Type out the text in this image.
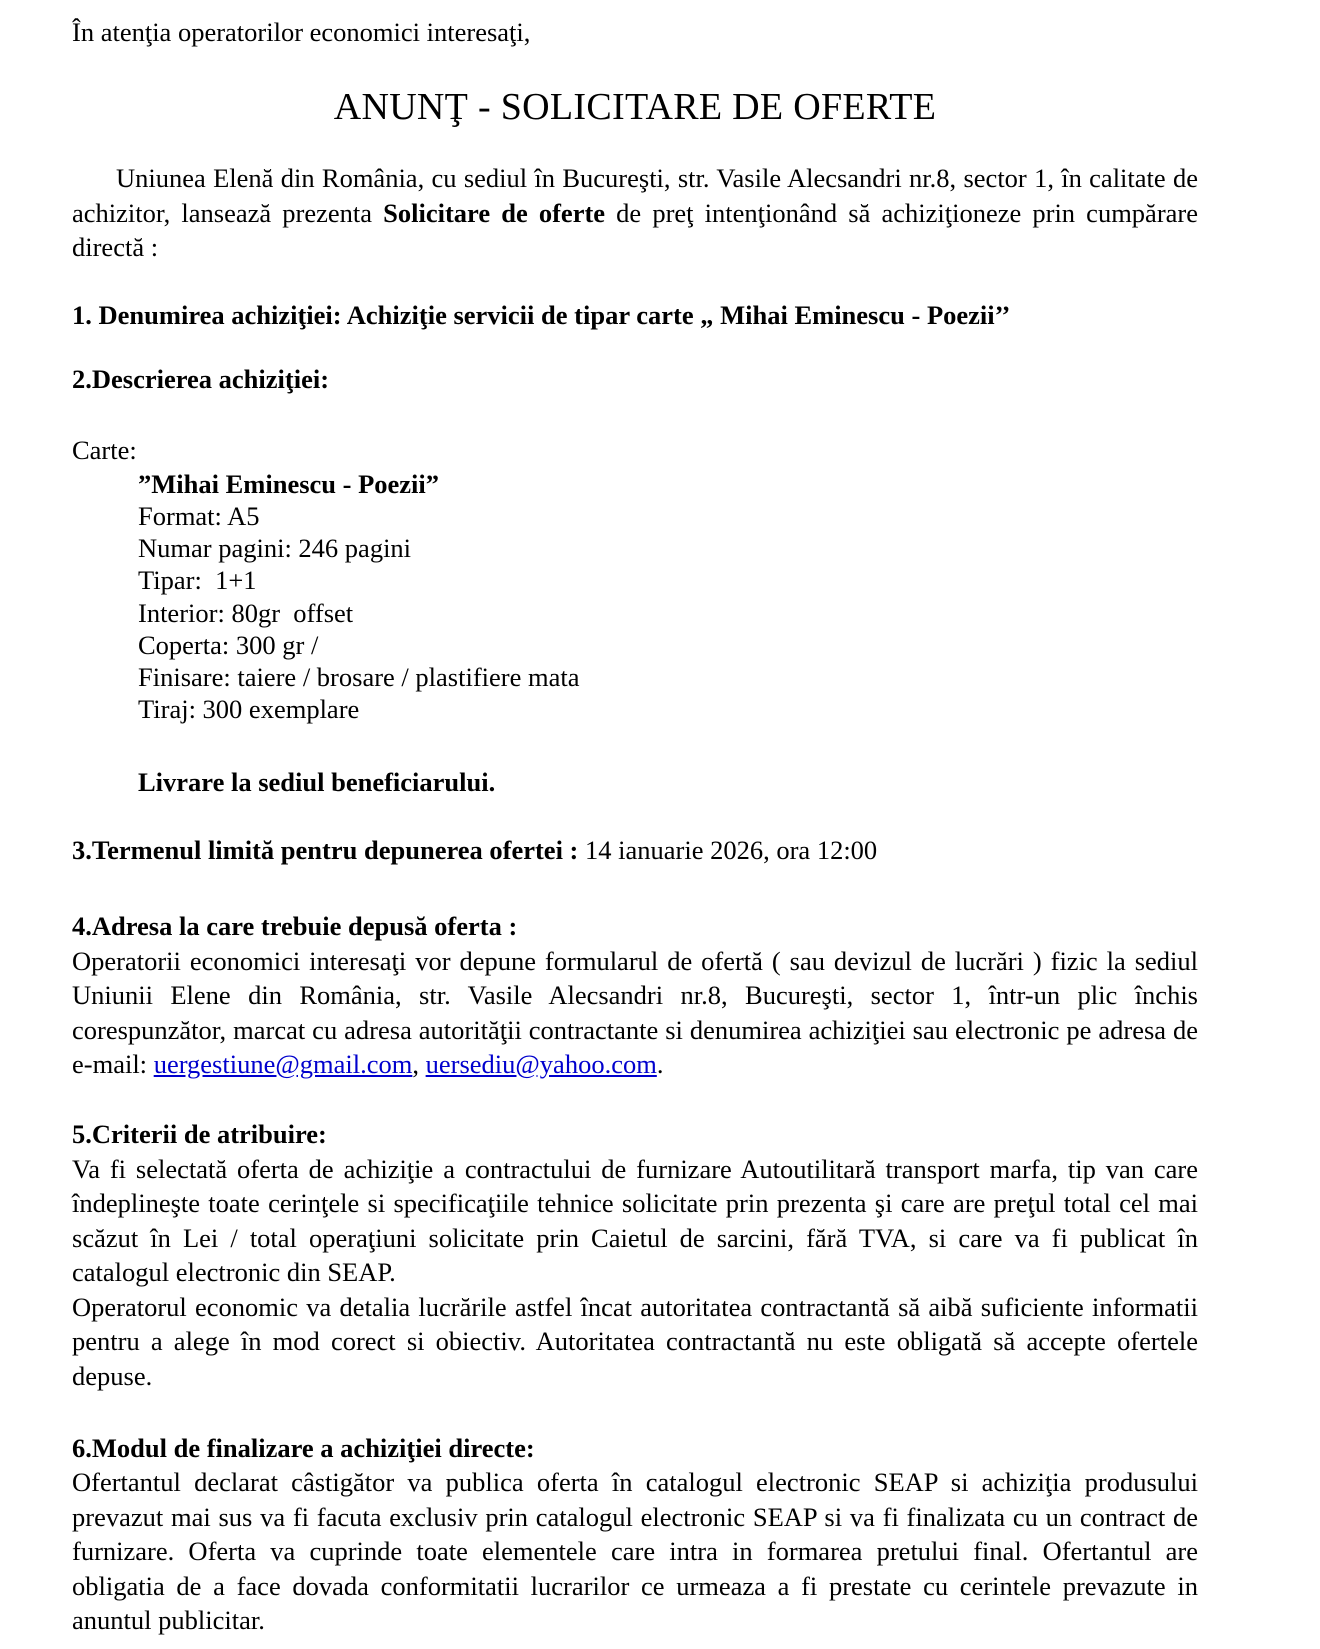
În atenţia operatorilor economici interesaţi,

ANUNŢ - SOLICITARE DE OFERTE

Uniunea Elenă din România, cu sediul în Bucureşti, str. Vasile Alecsandri nr.8, sector 1, în calitate de achizitor, lansează prezenta Solicitare de oferte de preţ intenţionând să achiziţioneze prin cumpărare directă :

1. Denumirea achiziţiei: Achiziţie servicii de tipar carte „ Mihai Eminescu - Poezii’’

2.Descrierea achiziţiei:

Carte:

”Mihai Eminescu - Poezii”
Format: A5
Numar pagini: 246 pagini
Tipar:  1+1
Interior: 80gr  offset
Coperta: 300 gr /
Finisare: taiere / brosare / plastifiere mata
Tiraj: 300 exemplare

Livrare la sediul beneficiarului.

3.Termenul limită pentru depunerea ofertei : 14 ianuarie 2026, ora 12:00

4.Adresa la care trebuie depusă oferta :

Operatorii economici interesaţi vor depune formularul de ofertă ( sau devizul de lucrări ) fizic la sediul Uniunii Elene din România, str. Vasile Alecsandri nr.8, Bucureşti, sector 1, într-un plic închis corespunzător, marcat cu adresa autorităţii contractante si denumirea achiziţiei sau electronic pe adresa de e-mail: uergestiune@gmail.com, uersediu@yahoo.com.

5.Criterii de atribuire:

Va fi selectată oferta de achiziţie a contractului de furnizare Autoutilitară transport marfa, tip van care îndeplineşte toate cerinţele si specificaţiile tehnice solicitate prin prezenta şi care are preţul total cel mai scăzut în Lei / total operaţiuni solicitate prin Caietul de sarcini, fără TVA, si care va fi publicat în catalogul electronic din SEAP.

Operatorul economic va detalia lucrările astfel încat autoritatea contractantă să aibă suficiente informatii pentru a alege în mod corect si obiectiv. Autoritatea contractantă nu este obligată să accepte ofertele depuse.

6.Modul de finalizare a achiziţiei directe:

Ofertantul declarat câstigător va publica oferta în catalogul electronic SEAP si achiziţia produsului prevazut mai sus va fi facuta exclusiv prin catalogul electronic SEAP si va fi finalizata cu un contract de furnizare. Oferta va cuprinde toate elementele care intra in formarea pretului final. Ofertantul are obligatia de a face dovada conformitatii lucrarilor ce urmeaza a fi prestate cu cerintele prevazute in anuntul publicitar.
